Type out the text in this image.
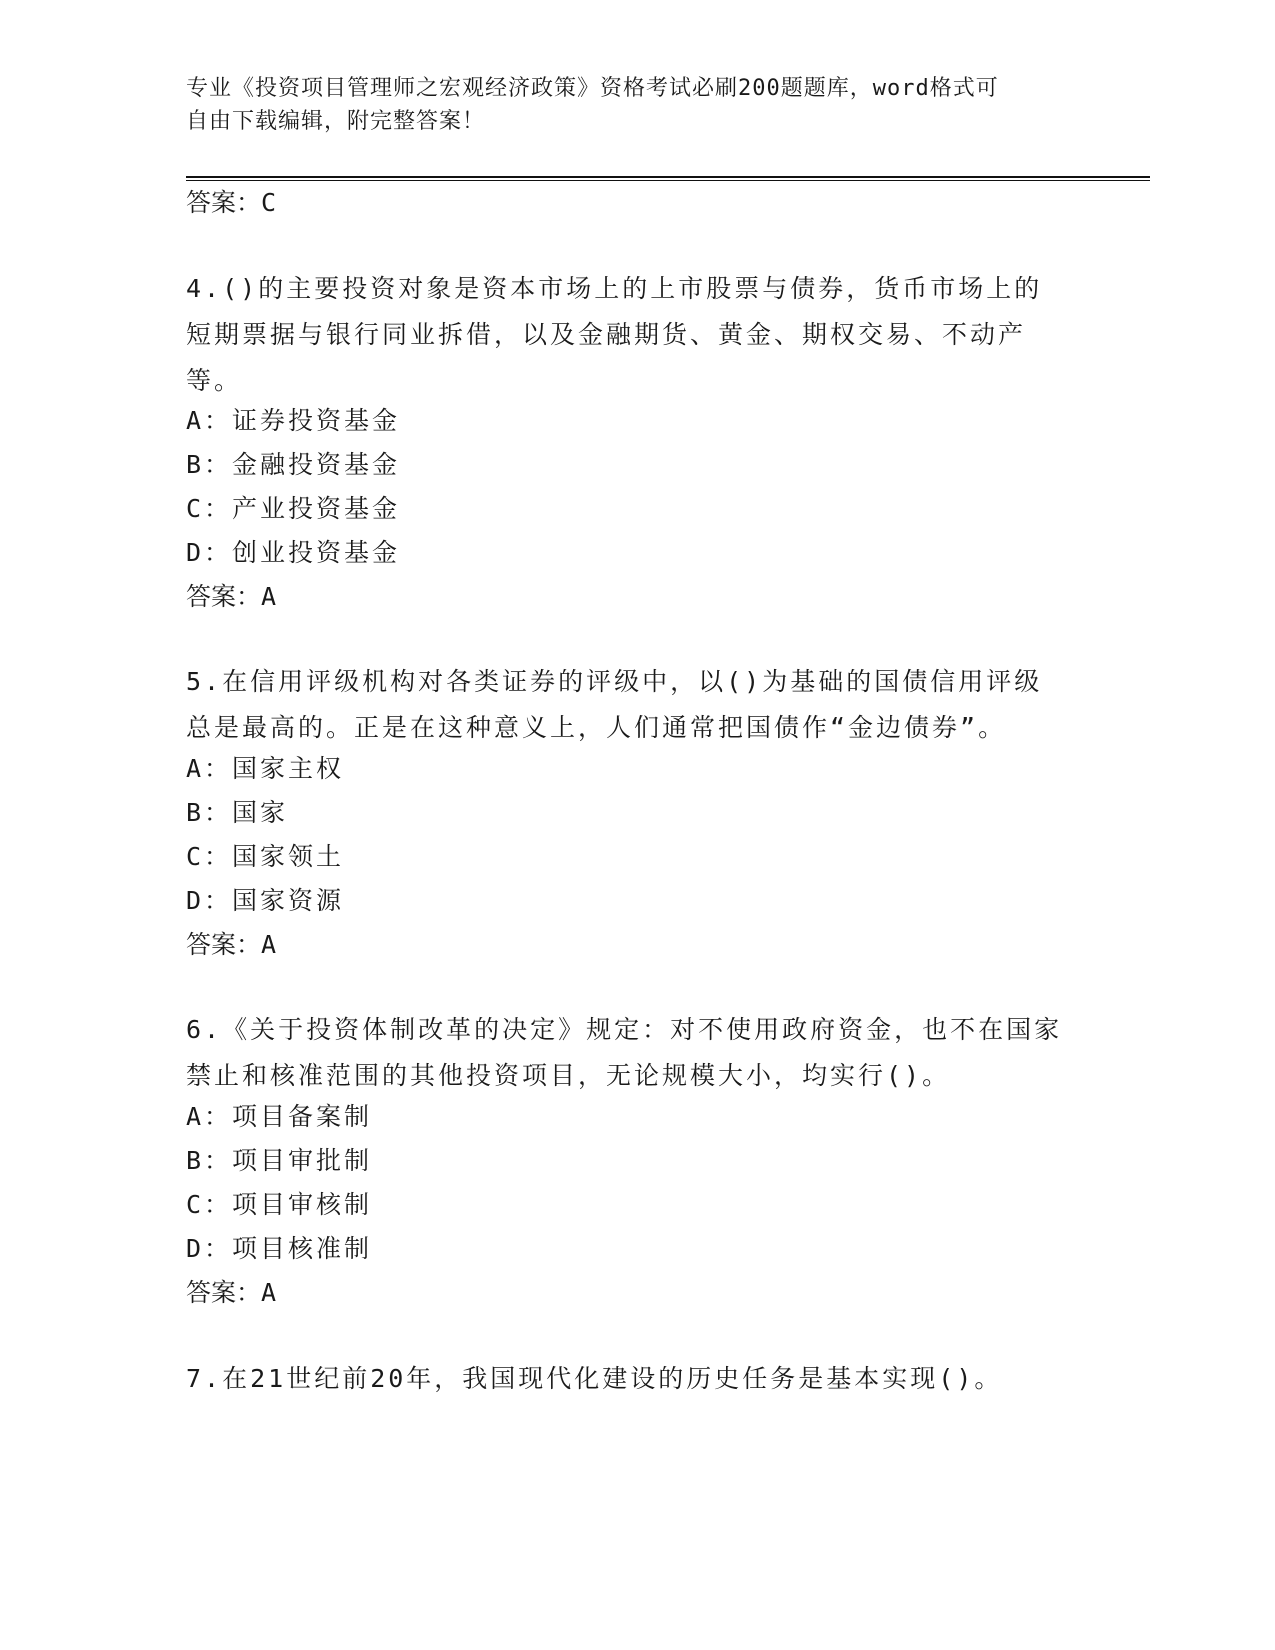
专业《投资项目管理师之宏观经济政策》资格考试必刷200题题库，word格式可
自由下载编辑，附完整答案！
答案：C
4.()的主要投资对象是资本市场上的上市股票与债券，货币市场上的短期票据与银行同业拆借，以及金融期货、黄金、期权交易、不动产等。
A：证券投资基金
B：金融投资基金
C：产业投资基金
D：创业投资基金
答案：A
5.在信用评级机构对各类证券的评级中，以()为基础的国债信用评级总是最高的。正是在这种意义上，人们通常把国债作“金边债券”。
A：国家主权
B：国家
C：国家领土
D：国家资源
答案：A
6.《关于投资体制改革的决定》规定：对不使用政府资金，也不在国家禁止和核准范围的其他投资项目，无论规模大小，均实行()。
A：项目备案制
B：项目审批制
C：项目审核制
D：项目核准制
答案：A
7.在21世纪前20年，我国现代化建设的历史任务是基本实现()。
